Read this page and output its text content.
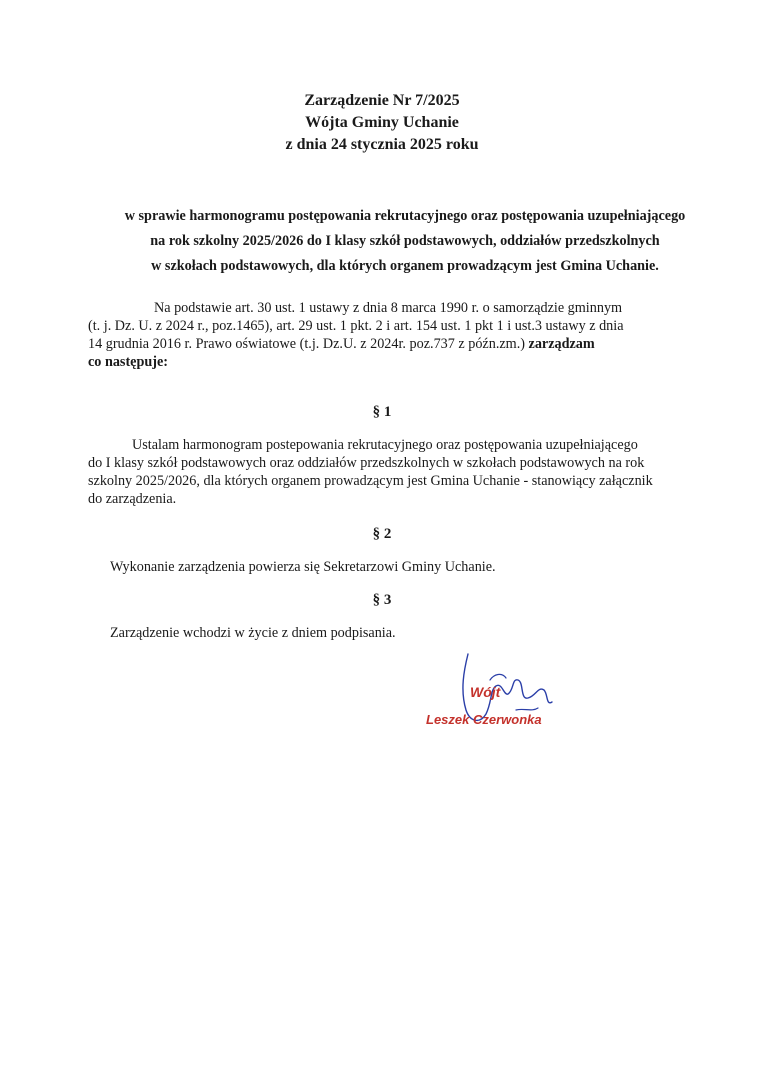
Zarządzenie Nr 7/2025
Wójta Gminy Uchanie
z dnia 24 stycznia 2025 roku
w sprawie harmonogramu postępowania rekrutacyjnego oraz postępowania uzupełniającego
na rok szkolny 2025/2026 do I klasy szkół podstawowych, oddziałów przedszkolnych
w szkołach podstawowych, dla których organem prowadzącym jest Gmina Uchanie.
Na podstawie art. 30 ust. 1 ustawy z dnia 8 marca 1990 r. o samorządzie gminnym
(t. j. Dz. U. z 2024 r., poz.1465), art. 29 ust. 1 pkt. 2 i art. 154 ust. 1 pkt 1 i ust.3 ustawy z dnia
14 grudnia 2016 r. Prawo oświatowe (t.j. Dz.U. z 2024r. poz.737 z późn.zm.) zarządzam
co następuje:
§ 1
Ustalam harmonogram postepowania rekrutacyjnego oraz postępowania uzupełniającego
do I klasy szkół podstawowych oraz oddziałów przedszkolnych w szkołach podstawowych na rok
szkolny 2025/2026, dla których organem prowadzącym jest Gmina Uchanie - stanowiący załącznik
do zarządzenia.
§ 2
Wykonanie zarządzenia powierza się Sekretarzowi Gminy Uchanie.
§ 3
Zarządzenie wchodzi w życie z dniem podpisania.
Wójt
Leszek Czerwonka
